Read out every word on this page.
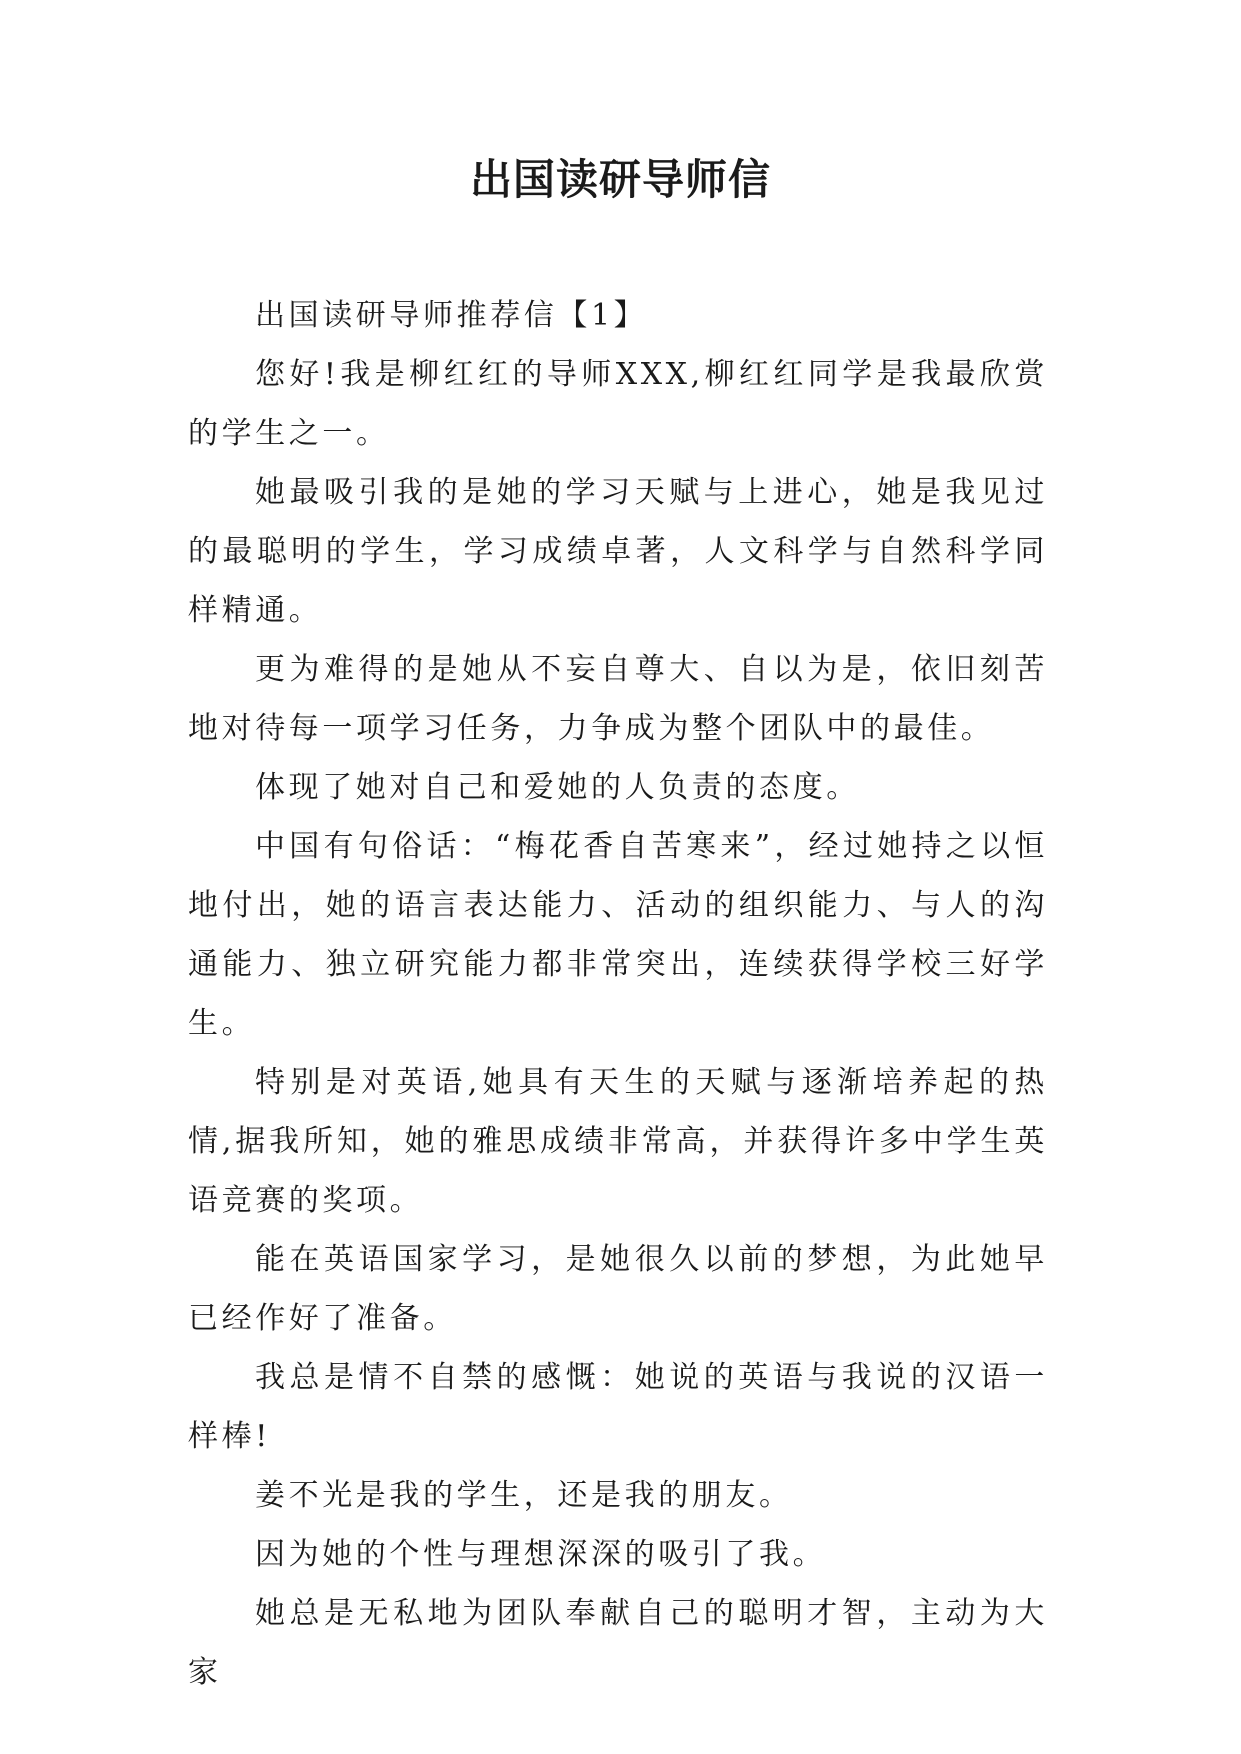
出国读研导师信

出国读研导师推荐信【1】

您好!我是柳红红的导师XXX,柳红红同学是我最欣赏的学生之一。

她最吸引我的是她的学习天赋与上进心，她是我见过的最聪明的学生，学习成绩卓著，人文科学与自然科学同样精通。

更为难得的是她从不妄自尊大、自以为是，依旧刻苦地对待每一项学习任务，力争成为整个团队中的最佳。

体现了她对自己和爱她的人负责的态度。

中国有句俗话：“梅花香自苦寒来”，经过她持之以恒地付出，她的语言表达能力、活动的组织能力、与人的沟通能力、独立研究能力都非常突出，连续获得学校三好学生。

特别是对英语,她具有天生的天赋与逐渐培养起的热情,据我所知，她的雅思成绩非常高，并获得许多中学生英语竞赛的奖项。

能在英语国家学习，是她很久以前的梦想，为此她早已经作好了准备。

我总是情不自禁的感慨：她说的英语与我说的汉语一样棒!

姜不光是我的学生，还是我的朋友。

因为她的个性与理想深深的吸引了我。

她总是无私地为团队奉献自己的聪明才智，主动为大家
